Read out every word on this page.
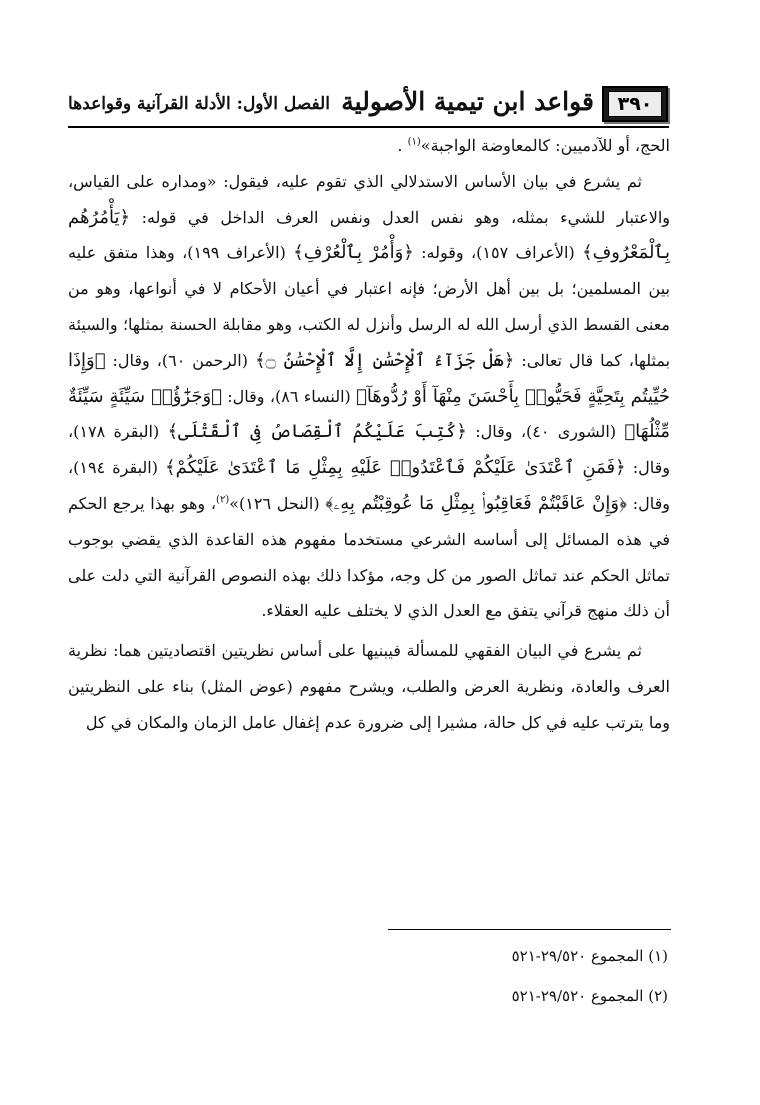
٣٩٠
قواعد ابن تيمية الأصولية
الفصل الأول: الأدلة القرآنية وقواعدها

الحج، أو للآدميين: كالمعاوضة الواجبة»$^{(١)}$ .

ثم يشرع في بيان الأساس الاستدلالي الذي تقوم عليه، فيقول: «ومداره على القياس، والاعتبار للشيء بمثله، وهو نفس العدل ونفس العرف الداخل في قوله: ﴿يَأْمُرُهُم بِٱلْمَعْرُوفِ﴾ (الأعراف ١٥٧)، وقوله: ﴿وَأْمُرْ بِٱلْعُرْفِ﴾ (الأعراف ١٩٩)، وهذا متفق عليه بين المسلمين؛ بل بين أهل الأرض؛ فإنه اعتبار في أعيان الأحكام لا في أنواعها، وهو من معنى القسط الذي أرسل الله له الرسل وأنزل له الكتب، وهو مقابلة الحسنة بمثلها؛ والسيئة بمثلها، كما قال تعالى: ﴿هَلْ جَزَآءُ ٱلْإِحْسَٰنِ إِلَّا ٱلْإِحْسَٰنُ ۝﴾ (الرحمن ٦٠)، وقال: ﴿وَإِذَا حُيِّيتُم بِتَحِيَّةٍ فَحَيُّوا۟ بِأَحْسَنَ مِنْهَآ أَوْ رُدُّوهَآ﴾ (النساء ٨٦)، وقال: ﴿وَجَزَٰٓؤُا۟ سَيِّئَةٍ سَيِّئَةٌ مِّثْلُهَا﴾ (الشورى ٤٠)، وقال: ﴿كُتِبَ عَلَيْكُمُ ٱلْقِصَاصُ فِى ٱلْقَتْلَى﴾ (البقرة ١٧٨)، وقال: ﴿فَمَنِ ٱعْتَدَىٰ عَلَيْكُمْ فَٱعْتَدُوا۟ عَلَيْهِ بِمِثْلِ مَا ٱعْتَدَىٰ عَلَيْكُمْ﴾ (البقرة ١٩٤)، وقال: ﴿وَإِنْ عَاقَبْتُمْ فَعَاقِبُوا۟ بِمِثْلِ مَا عُوقِبْتُم بِهِۦ﴾ (النحل ١٢٦)»$^{(٢)}$، وهو بهذا يرجع الحكم في هذه المسائل إلى أساسه الشرعي مستخدما مفهوم هذه القاعدة الذي يقضي بوجوب تماثل الحكم عند تماثل الصور من كل وجه، مؤكدا ذلك بهذه النصوص القرآنية التي دلت على أن ذلك منهج قرآني يتفق مع العدل الذي لا يختلف عليه العقلاء.

ثم يشرع في البيان الفقهي للمسألة فيبنيها على أساس نظريتين اقتصاديتين هما: نظرية العرف والعادة، ونظرية العرض والطلب، ويشرح مفهوم (عوض المثل) بناء على النظريتين وما يترتب عليه في كل حالة، مشيرا إلى ضرورة عدم إغفال عامل الزمان والمكان في كل

(١) المجموع ٢٩/٥٢٠-٥٢١
(٢) المجموع ٢٩/٥٢٠-٥٢١
